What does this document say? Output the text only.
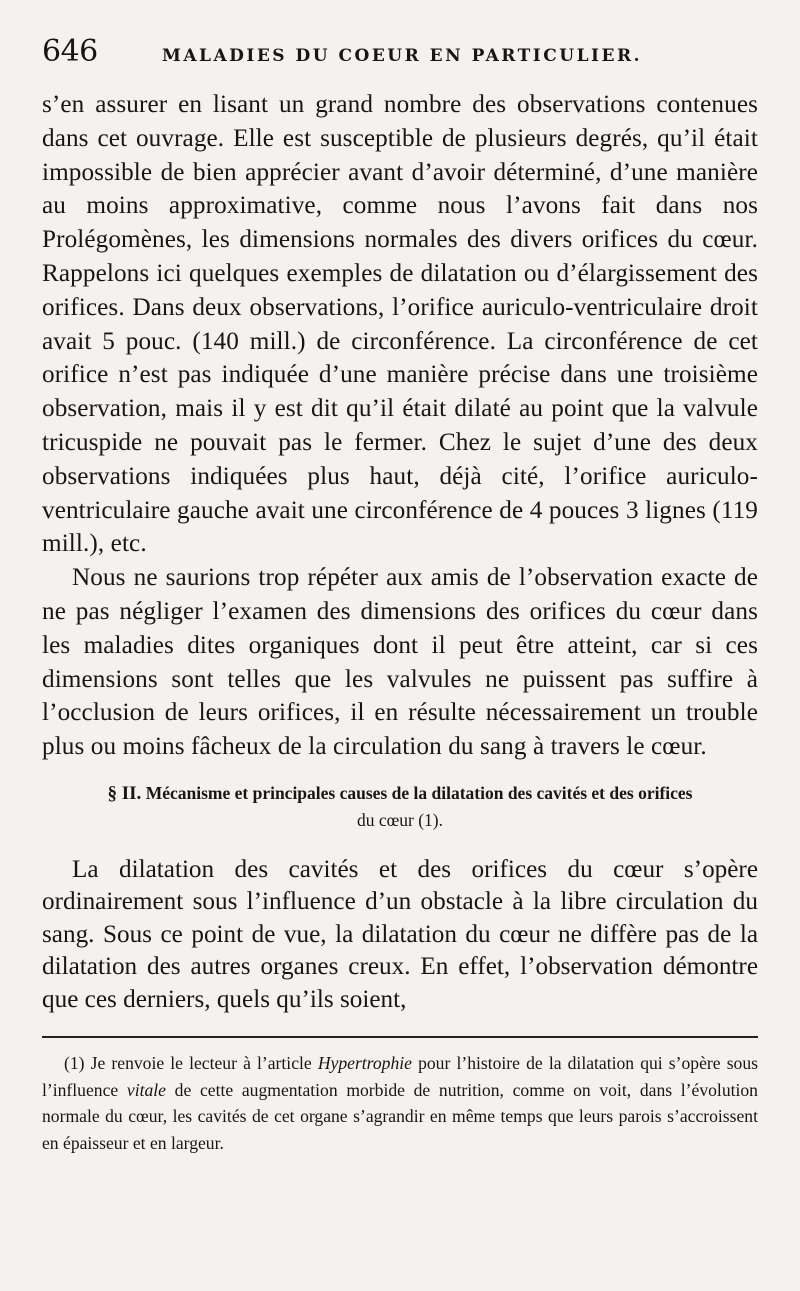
646	MALADIES DU COEUR EN PARTICULIER.

s’en assurer en lisant un grand nombre des observations contenues dans cet ouvrage. Elle est susceptible de plusieurs degrés, qu’il était impossible de bien apprécier avant d’avoir déterminé, d’une manière au moins approximative, comme nous l’avons fait dans nos Prolégomènes, les dimensions normales des divers orifices du cœur. Rappelons ici quelques exemples de dilatation ou d’élargissement des orifices. Dans deux observations, l’orifice auriculo-ventriculaire droit avait 5 pouc. (140 mill.) de circonférence. La circonférence de cet orifice n’est pas indiquée d’une manière précise dans une troisième observation, mais il y est dit qu’il était dilaté au point que la valvule tricuspide ne pouvait pas le fermer. Chez le sujet d’une des deux observations indiquées plus haut, déjà cité, l’orifice auriculo-ventriculaire gauche avait une circonférence de 4 pouces 3 lignes (119 mill.), etc.

Nous ne saurions trop répéter aux amis de l’observation exacte de ne pas négliger l’examen des dimensions des orifices du cœur dans les maladies dites organiques dont il peut être atteint, car si ces dimensions sont telles que les valvules ne puissent pas suffire à l’occlusion de leurs orifices, il en résulte nécessairement un trouble plus ou moins fâcheux de la circulation du sang à travers le cœur.

§ II. Mécanisme et principales causes de la dilatation des cavités et des orifices
du cœur (1).

La dilatation des cavités et des orifices du cœur s’opère ordinairement sous l’influence d’un obstacle à la libre circulation du sang. Sous ce point de vue, la dilatation du cœur ne diffère pas de la dilatation des autres organes creux. En effet, l’observation démontre que ces derniers, quels qu’ils soient,

(1) Je renvoie le lecteur à l’article Hypertrophie pour l’histoire de la dilatation qui s’opère sous l’influence vitale de cette augmentation morbide de nutrition, comme on voit, dans l’évolution normale du cœur, les cavités de cet organe s’agrandir en même temps que leurs parois s’accroissent en épaisseur et en largeur.
